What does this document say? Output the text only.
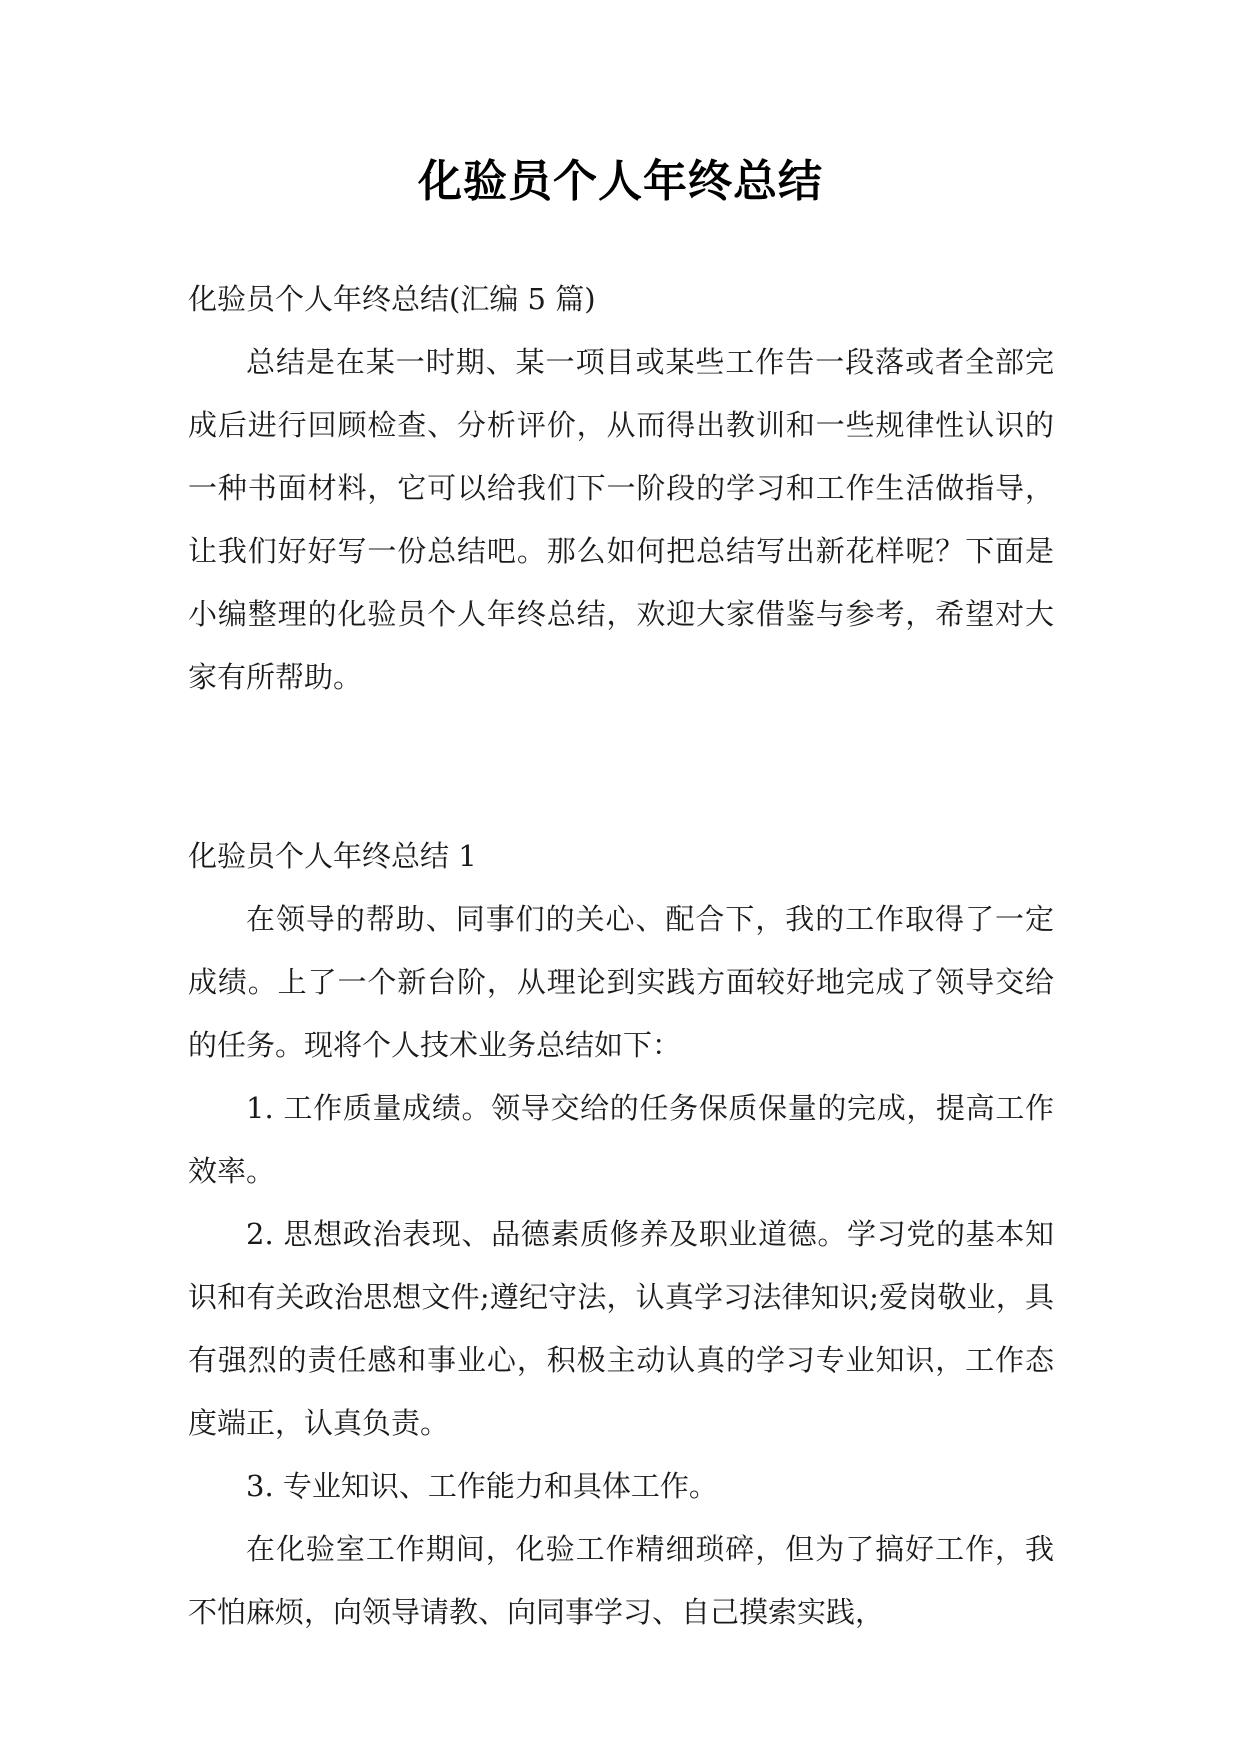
化验员个人年终总结

化验员个人年终总结(汇编 5 篇)

总结是在某一时期、某一项目或某些工作告一段落或者全部完成后进行回顾检查、分析评价，从而得出教训和一些规律性认识的一种书面材料，它可以给我们下一阶段的学习和工作生活做指导，让我们好好写一份总结吧。那么如何把总结写出新花样呢？下面是小编整理的化验员个人年终总结，欢迎大家借鉴与参考，希望对大家有所帮助。

化验员个人年终总结 1

在领导的帮助、同事们的关心、配合下，我的工作取得了一定成绩。上了一个新台阶，从理论到实践方面较好地完成了领导交给的任务。现将个人技术业务总结如下：

1. 工作质量成绩。领导交给的任务保质保量的完成，提高工作效率。

2. 思想政治表现、品德素质修养及职业道德。学习党的基本知识和有关政治思想文件;遵纪守法，认真学习法律知识;爱岗敬业，具有强烈的责任感和事业心，积极主动认真的学习专业知识，工作态度端正，认真负责。

3. 专业知识、工作能力和具体工作。

在化验室工作期间，化验工作精细琐碎，但为了搞好工作，我不怕麻烦，向领导请教、向同事学习、自己摸索实践，
